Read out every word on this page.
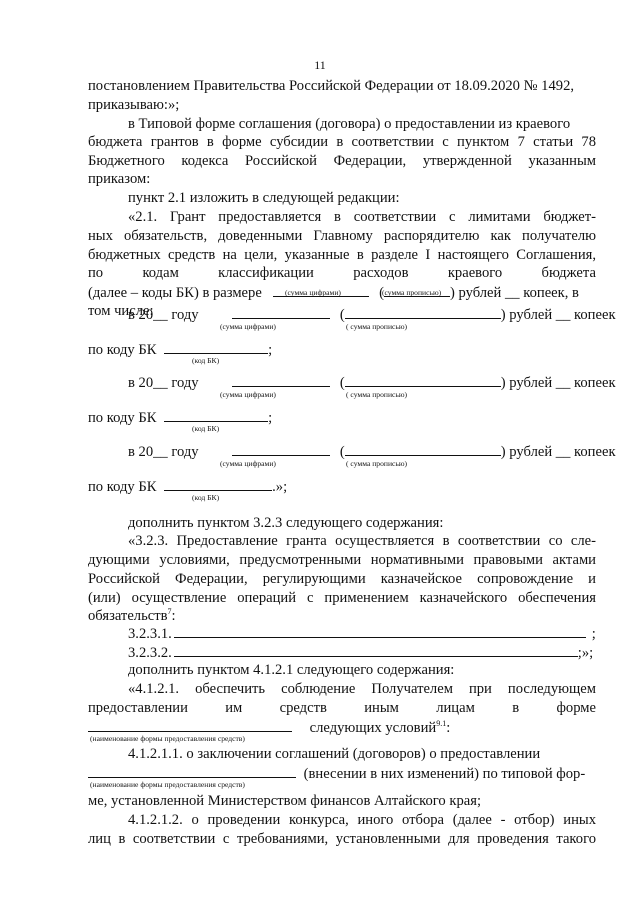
11
постановлением Правительства Российской Федерации от 18.09.2020 № 1492,
приказываю:»;
в Типовой форме соглашения (договора) о предоставлении из краевого
бюджета грантов в форме субсидии в соответствии с пунктом 7 статьи 78
Бюджетного кодекса Российской Федерации, утвержденной указанным
приказом:
пункт 2.1 изложить в следующей редакции:
«2.1. Грант предоставляется в соответствии с лимитами бюджет-
ных обязательств, доведенными Главному распорядителю как получателю
бюджетных средств на цели, указанные в разделе I настоящего Соглашения,
по	кодам	классификации	расходов	краевого	бюджета
(далее – коды БК) в размере	(	) рублей __ копеек, в
(сумма цифрами)	(сумма прописью)
том числе:
в 20__ году	(	) рублей __ копеек
(сумма цифрами)	( сумма прописью)
по коду БК	;
(код БК)
в 20__ году	(	) рублей __ копеек
(сумма цифрами)	( сумма прописью)
по коду БК	;
(код БК)
в 20__ году	(	) рублей __ копеек
(сумма цифрами)	( сумма прописью)
по коду БК	.»;
(код БК)
дополнить пунктом 3.2.3 следующего содержания:
«3.2.3. Предоставление гранта осуществляется в соответствии со сле-
дующими условиями, предусмотренными нормативными правовыми актами
Российской Федерации, регулирующими казначейское сопровождение и
(или) осуществление операций с применением казначейского обеспечения
обязательств$^7$:
3.2.3.1.	;
3.2.3.2.	;»;
дополнить пунктом 4.1.2.1 следующего содержания:
«4.1.2.1. обеспечить соблюдение Получателем при последующем
предоставлении	им	средств	иным	лицам	в	форме
следующих условий$^{9.1}$:
(наименование формы предоставления средств)
4.1.2.1.1. о заключении соглашений (договоров) о предоставлении
(внесении в них изменений) по типовой фор-
(наименование формы предоставления средств)
ме, установленной Министерством финансов Алтайского края;
4.1.2.1.2. о проведении конкурса, иного отбора (далее - отбор) иных
лиц в соответствии с требованиями, установленными для проведения такого
